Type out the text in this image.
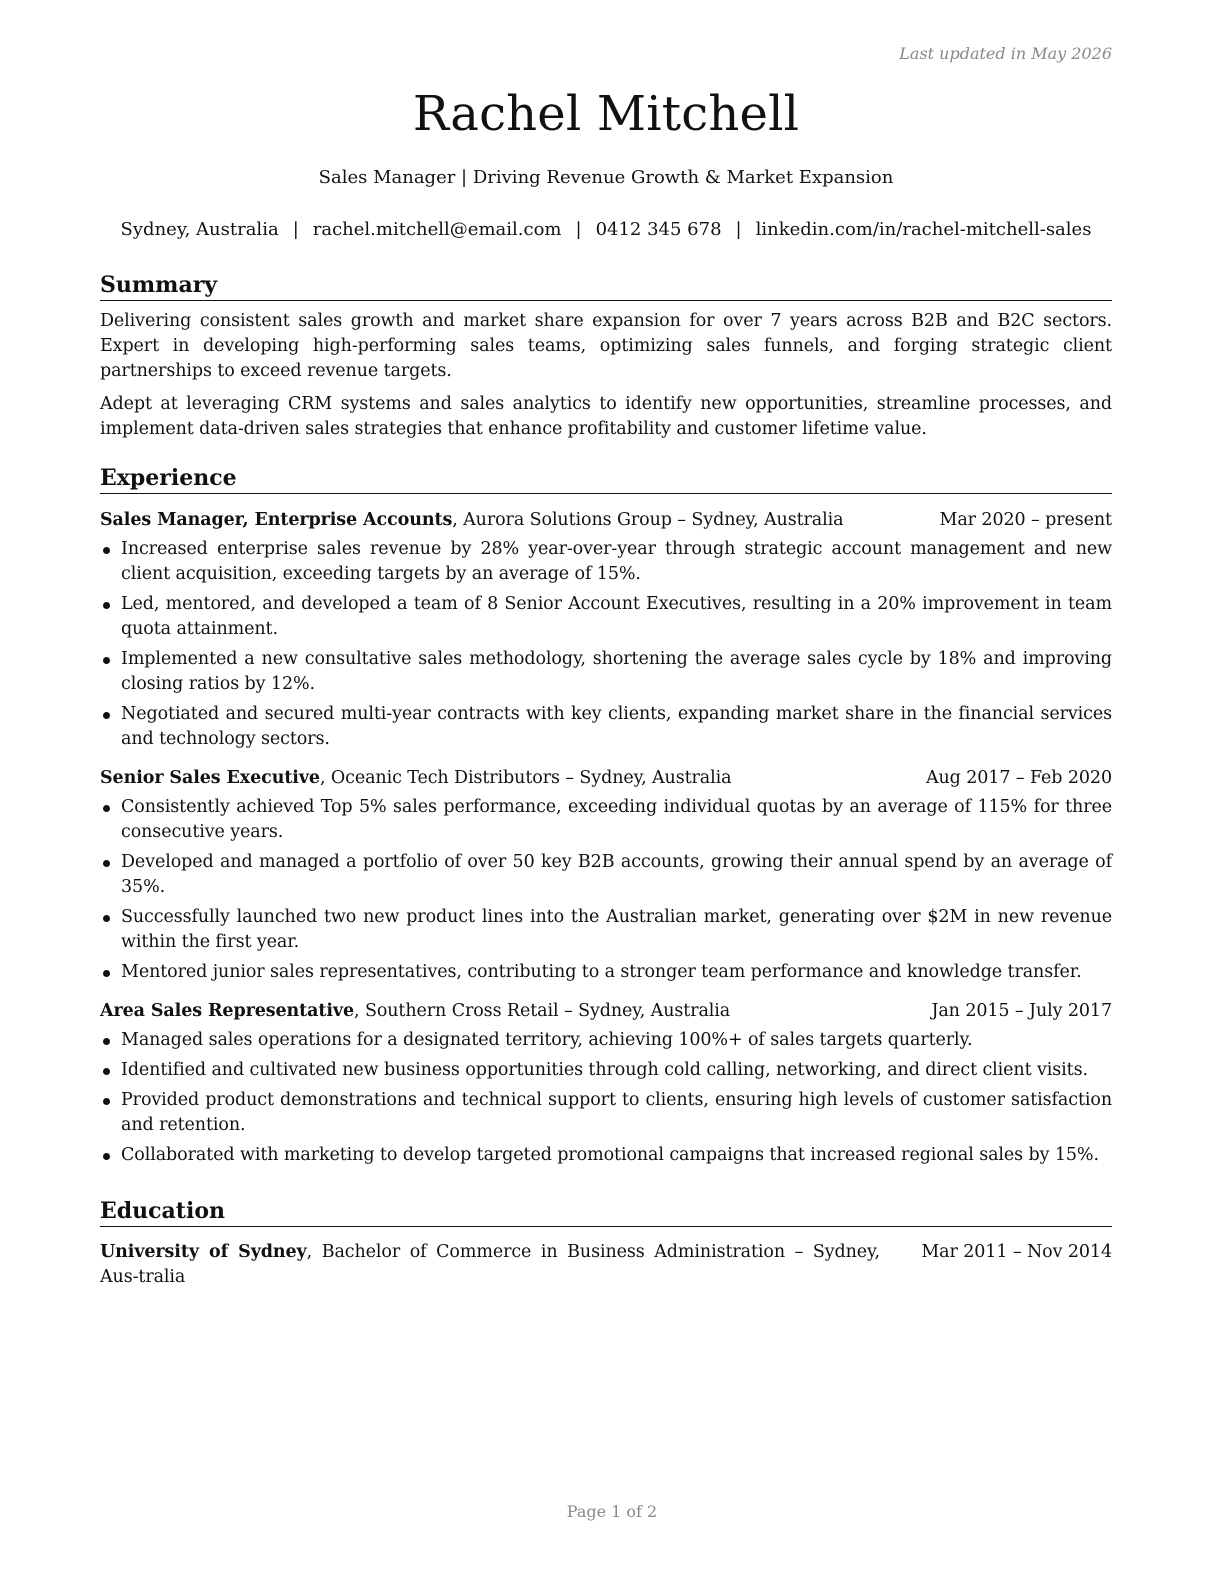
Last updated in May 2026
Rachel Mitchell
Sales Manager | Driving Revenue Growth & Market Expansion
Sydney, Australia | rachel.mitchell@email.com | 0412 345 678 | linkedin.com/in/rachel-mitchell-sales
Summary

Delivering consistent sales growth and market share expansion for over 7 years across B2B and B2C sectors. Expert in developing high-performing sales teams, optimizing sales funnels, and forging strategic client partnerships to exceed revenue targets.

Adept at leveraging CRM systems and sales analytics to identify new opportunities, streamline processes, and implement data-driven sales strategies that enhance profitability and customer lifetime value.

Experience
Sales Manager, Enterprise Accounts, Aurora Solutions Group – Sydney, Australia	Mar 2020 – present
Increased enterprise sales revenue by 28% year-over-year through strategic account management and new client acquisition, exceeding targets by an average of 15%.
Led, mentored, and developed a team of 8 Senior Account Executives, resulting in a 20% improvement in team quota attainment.
Implemented a new consultative sales methodology, shortening the average sales cycle by 18% and improving closing ratios by 12%.
Negotiated and secured multi-year contracts with key clients, expanding market share in the financial services and technology sectors.
Senior Sales Executive, Oceanic Tech Distributors – Sydney, Australia	Aug 2017 – Feb 2020
Consistently achieved Top 5% sales performance, exceeding individual quotas by an average of 115% for three consecutive years.
Developed and managed a portfolio of over 50 key B2B accounts, growing their annual spend by an average of 35%.
Successfully launched two new product lines into the Australian market, generating over $2M in new revenue within the first year.
Mentored junior sales representatives, contributing to a stronger team performance and knowledge transfer.
Area Sales Representative, Southern Cross Retail – Sydney, Australia	Jan 2015 – July 2017
Managed sales operations for a designated territory, achieving 100%+ of sales targets quarterly.
Identified and cultivated new business opportunities through cold calling, networking, and direct client visits.
Provided product demonstrations and technical support to clients, ensuring high levels of customer satisfaction and retention.
Collaborated with marketing to develop targeted promotional campaigns that increased regional sales by 15%.
Education
University of Sydney, Bachelor of Commerce in Business Administration – Sydney, Aus-tralia
Mar 2011 – Nov 2014
Page 1 of 2
